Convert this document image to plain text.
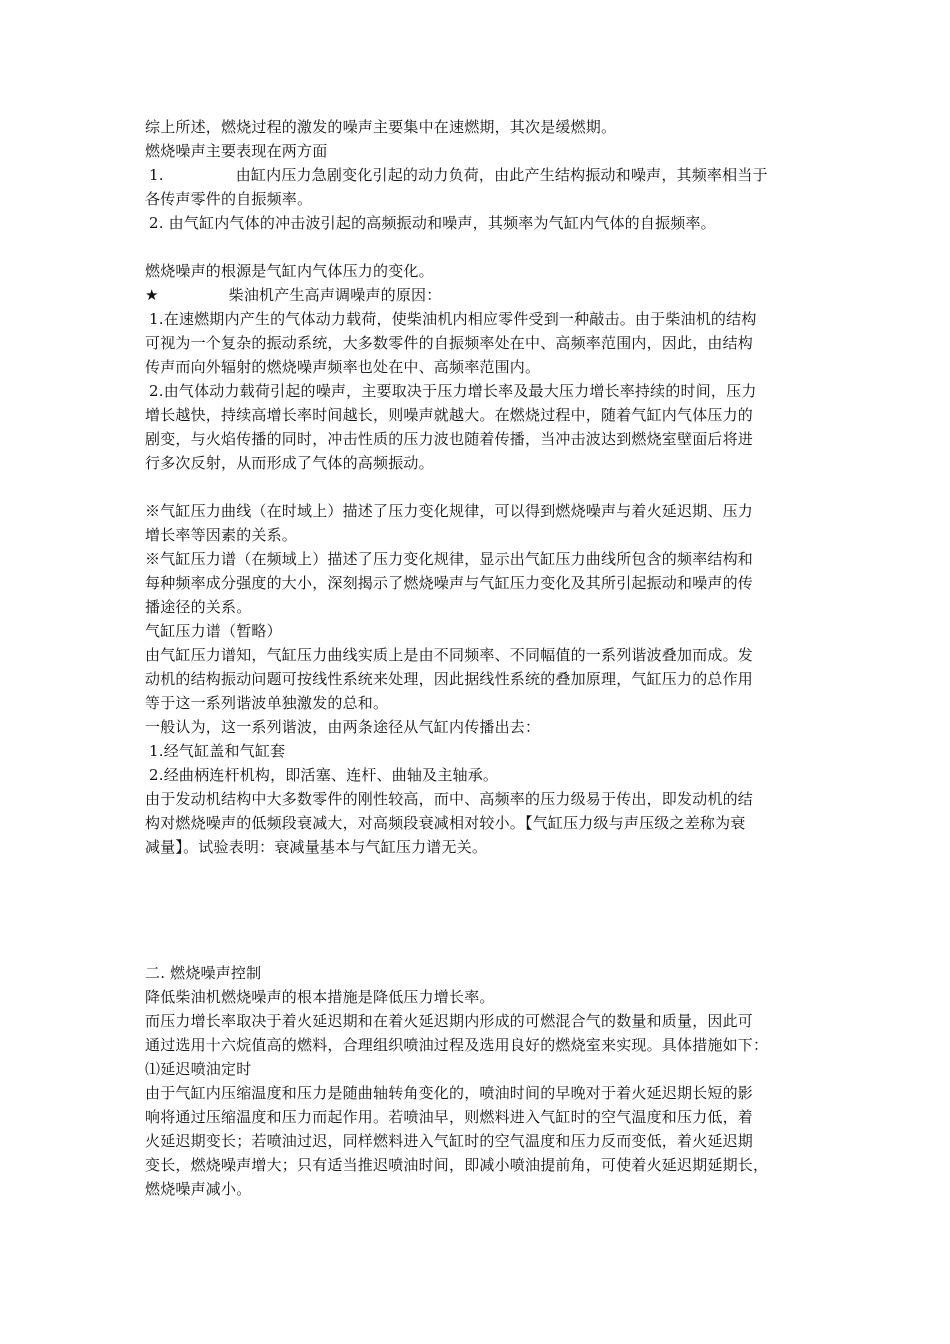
综上所述，燃烧过程的激发的噪声主要集中在速燃期，其次是缓燃期。
燃烧噪声主要表现在两方面
1.	由缸内压力急剧变化引起的动力负荷，由此产生结构振动和噪声，其频率相当于
各传声零件的自振频率。
2. 由气缸内气体的冲击波引起的高频振动和噪声，其频率为气缸内气体的自振频率。
燃烧噪声的根源是气缸内气体压力的变化。
★	柴油机产生高声调噪声的原因：
1.在速燃期内产生的气体动力载荷，使柴油机内相应零件受到一种敲击。由于柴油机的结构
可视为一个复杂的振动系统，大多数零件的自振频率处在中、高频率范围内，因此，由结构
传声而向外辐射的燃烧噪声频率也处在中、高频率范围内。
2.由气体动力载荷引起的噪声，主要取决于压力增长率及最大压力增长率持续的时间，压力
增长越快，持续高增长率时间越长，则噪声就越大。在燃烧过程中，随着气缸内气体压力的
剧变，与火焰传播的同时，冲击性质的压力波也随着传播，当冲击波达到燃烧室壁面后将进
行多次反射，从而形成了气体的高频振动。
※气缸压力曲线（在时域上）描述了压力变化规律，可以得到燃烧噪声与着火延迟期、压力
增长率等因素的关系。
※气缸压力谱（在频域上）描述了压力变化规律，显示出气缸压力曲线所包含的频率结构和
每种频率成分强度的大小，深刻揭示了燃烧噪声与气缸压力变化及其所引起振动和噪声的传
播途径的关系。
气缸压力谱（暂略）
由气缸压力谱知，气缸压力曲线实质上是由不同频率、不同幅值的一系列谐波叠加而成。发
动机的结构振动问题可按线性系统来处理，因此据线性系统的叠加原理，气缸压力的总作用
等于这一系列谐波单独激发的总和。
一般认为，这一系列谐波，由两条途径从气缸内传播出去：
1.经气缸盖和气缸套
2.经曲柄连杆机构，即活塞、连杆、曲轴及主轴承。
由于发动机结构中大多数零件的刚性较高，而中、高频率的压力级易于传出，即发动机的结
构对燃烧噪声的低频段衰减大，对高频段衰减相对较小。【气缸压力级与声压级之差称为衰
减量】。试验表明：衰减量基本与气缸压力谱无关。
二. 燃烧噪声控制
降低柴油机燃烧噪声的根本措施是降低压力增长率。
而压力增长率取决于着火延迟期和在着火延迟期内形成的可燃混合气的数量和质量，因此可
通过选用十六烷值高的燃料，合理组织喷油过程及选用良好的燃烧室来实现。具体措施如下：
⑴延迟喷油定时
由于气缸内压缩温度和压力是随曲轴转角变化的，喷油时间的早晚对于着火延迟期长短的影
响将通过压缩温度和压力而起作用。若喷油早，则燃料进入气缸时的空气温度和压力低，着
火延迟期变长；若喷油过迟，同样燃料进入气缸时的空气温度和压力反而变低，着火延迟期
变长，燃烧噪声增大；只有适当推迟喷油时间，即减小喷油提前角，可使着火延迟期延期长，
燃烧噪声减小。
